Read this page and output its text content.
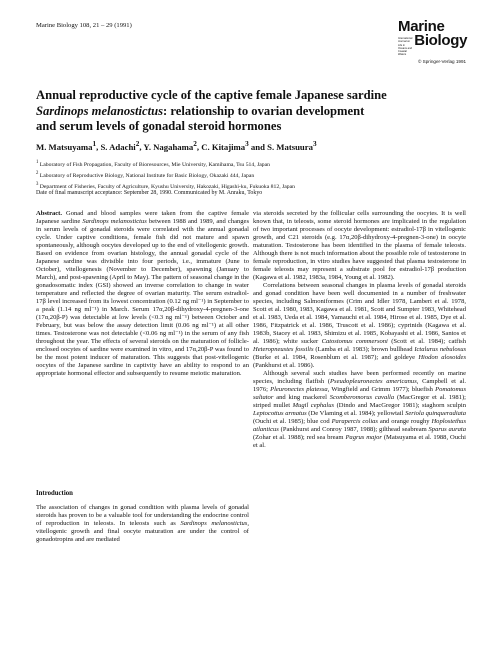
Marine Biology 108, 21 – 29 (1991)	Marine
International Journal on Life in Oceans and Coastal Waters
Biology
© Springer-Verlag 1991
Annual reproductive cycle of the captive female Japanese sardine
Sardinops melanostictus: relationship to ovarian development
and serum levels of gonadal steroid hormones
M. Matsuyama$^1$, S. Adachi$^2$, Y. Nagahama$^2$, C. Kitajima$^3$ and S. Matsuura$^3$
$^1$ Laboratory of Fish Propagation, Faculty of Bioresources, Mie University, Kamihama, Tsu 514, Japan
$^2$ Laboratory of Reproductive Biology, National Institute for Basic Biology, Okazaki 444, Japan
$^3$ Department of Fisheries, Faculty of Agriculture, Kyushu University, Hakozaki, Higashi-ku, Fukuoka 812, Japan
Date of final manuscript acceptance: September 28, 1990. Communicated by M. Anraku, Tokyo

Abstract. Gonad and blood samples were taken from the captive female Japanese sardine Sardinops melanostictus between 1988 and 1989, and changes in serum levels of gonadal steroids were correlated with the annual gonadal cycle. Under captive conditions, female fish did not mature and spawn spontaneously, although oocytes developed up to the end of vitellogenic growth. Based on evidence from ovarian histology, the annual gonadal cycle of the Japanese sardine was divisible into four periods, i.e., immature (June to October), vitellogenesis (November to December), spawning (January to March), and post-spawning (April to May). The pattern of seasonal change in the gonadosomatic index (GSI) showed an inverse correlation to change in water temperature and reflected the degree of ovarian maturity. The serum estradiol-17β level increased from its lowest concentration (0.12 ng ml⁻¹) in September to a peak (1.14 ng ml⁻¹) in March. Serum 17α,20β-dihydroxy-4-pregnen-3-one (17α,20β-P) was detectable at low levels (<0.3 ng ml⁻¹) between October and February, but was below the assay detection limit (0.06 ng ml⁻¹) at all other times. Testosterone was not detectable (<0.06 ng ml⁻¹) in the serum of any fish throughout the year. The effects of several steroids on the maturation of follicle-enclosed oocytes of sardine were examined in vitro, and 17α,20β-P was found to be the most potent inducer of maturation. This suggests that post-vitellogenic oocytes of the Japanese sardine in captivity have an ability to respond to an appropriate hormonal effector and subsequently to resume meiotic maturation.

Introduction

The association of changes in gonad condition with plasma levels of gonadal steroids has proven to be a valuable tool for understanding the endocrine control of reproduction in teleosts. In teleosts such as Sardinops melanostictus, vitellogenic growth and final oocyte maturation are under the control of gonadotropins and are mediated

via steroids secreted by the follicular cells surrounding the oocytes. It is well known that, in teleosts, some steroid hormones are implicated in the regulation of two important processes of oocyte development: estradiol-17β in vitellogenic growth, and C21 steroids (e.g. 17α,20β-dihydroxy-4-pregnen-3-one) in oocyte maturation. Testosterone has been identified in the plasma of female teleosts. Although there is not much information about the possible role of testosterone in female reproduction, in vitro studies have suggested that plasma testosterone in female teleosts may represent a substrate pool for estradiol-17β production (Kagawa et al. 1982, 1983a, 1984, Young et al. 1982).

Correlations between seasonal changes in plasma levels of gonadal steroids and gonad condition have been well documented in a number of freshwater species, including Salmoniformes (Crim and Idler 1978, Lambert et al. 1978, Scott et al. 1980, 1983, Kagawa et al. 1981, Scott and Sumpter 1983, Whitehead et al. 1983, Ueda et al. 1984, Yamauchi et al. 1984, Hirose et al. 1985, Dye et al. 1986, Fitzpatrick et al. 1986, Truscott et al. 1986); cyprinids (Kagawa et al. 1983b, Stacey et al. 1983, Shimizu et al. 1985, Kobayashi et al. 1986, Santos et al. 1986); white sucker Catostomus commersoni (Scott et al. 1984); catfish Heteropneustes fossilis (Lamba et al. 1983); brown bullhead Ictalurus nebulosus (Burke et al. 1984, Rosenblum et al. 1987); and goldeye Hiodon alosoides (Pankhurst et al. 1986).

Although several such studies have been performed recently on marine species, including flatfish (Pseudopleuronectes americanus, Campbell et al. 1976; Pleuronectes platessa, Wingfield and Grimm 1977); bluefish Pomatomus saltator and king mackerel Scomberomorus cavalla (MacGregor et al. 1981); striped mullet Mugil cephalus (Dindo and MacGregor 1981); staghorn sculpin Leptocottus armatus (De Vlaming et al. 1984); yellowtail Seriola quinqueradiata (Ouchi et al. 1985); blue cod Parapercis colias and orange roughy Hoplostethus atlanticus (Pankhurst and Conroy 1987, 1988); gilthead seabream Sparus aurata (Zohar et al. 1988); red sea bream Pagrus major (Matsuyama et al. 1988, Ouchi et al.
